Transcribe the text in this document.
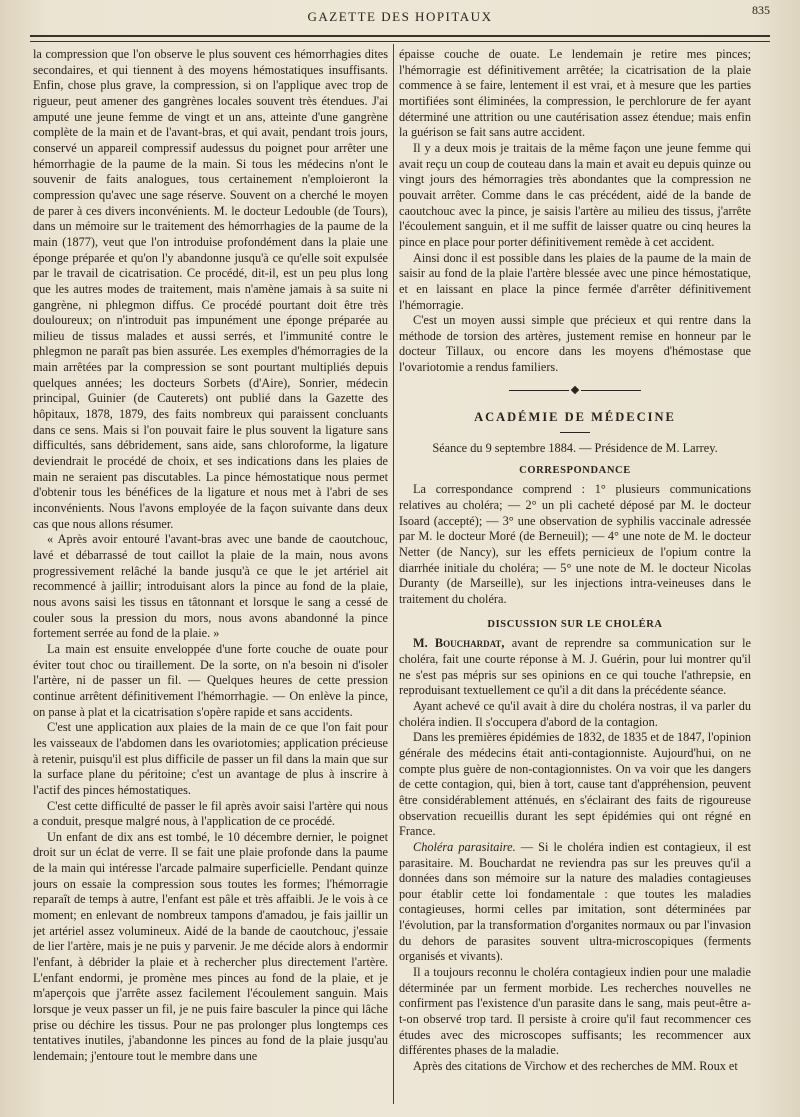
GAZETTE DES HOPITAUX	835

la compression que l'on observe le plus souvent ces hémorrhagies dites secondaires, et qui tiennent à des moyens hémostatiques insuffisants. Enfin, chose plus grave, la compression, si on l'applique avec trop de rigueur, peut amener des gangrènes locales souvent très étendues. J'ai amputé une jeune femme de vingt et un ans, atteinte d'une gangrène complète de la main et de l'avant-bras, et qui avait, pendant trois jours, conservé un appareil compressif audessus du poignet pour arrêter une hémorrhagie de la paume de la main. Si tous les médecins n'ont le souvenir de faits analogues, tous certainement n'emploieront la compression qu'avec une sage réserve. Souvent on a cherché le moyen de parer à ces divers inconvénients. M. le docteur Ledouble (de Tours), dans un mémoire sur le traitement des hémorrhagies de la paume de la main (1877), veut que l'on introduise profondément dans la plaie une éponge préparée et qu'on l'y abandonne jusqu'à ce qu'elle soit expulsée par le travail de cicatrisation. Ce procédé, dit-il, est un peu plus long que les autres modes de traitement, mais n'amène jamais à sa suite ni gangrène, ni phlegmon diffus. Ce procédé pourtant doit être très douloureux; on n'introduit pas impunément une éponge préparée au milieu de tissus malades et aussi serrés, et l'immunité contre le phlegmon ne paraît pas bien assurée. Les exemples d'hémorragies de la main arrêtées par la compression se sont pourtant multipliés depuis quelques années; les docteurs Sorbets (d'Aire), Sonrier, médecin principal, Guinier (de Cauterets) ont publié dans la Gazette des hôpitaux, 1878, 1879, des faits nombreux qui paraissent concluants dans ce sens. Mais si l'on pouvait faire le plus souvent la ligature sans difficultés, sans débridement, sans aide, sans chloroforme, la ligature deviendrait le procédé de choix, et ses indications dans les plaies de main ne seraient pas discutables. La pince hémostatique nous permet d'obtenir tous les bénéfices de la ligature et nous met à l'abri de ses inconvénients. Nous l'avons employée de la façon suivante dans deux cas que nous allons résumer.

« Après avoir entouré l'avant-bras avec une bande de caoutchouc, lavé et débarrassé de tout caillot la plaie de la main, nous avons progressivement relâché la bande jusqu'à ce que le jet artériel ait recommencé à jaillir; introduisant alors la pince au fond de la plaie, nous avons saisi les tissus en tâtonnant et lorsque le sang a cessé de couler sous la pression du mors, nous avons abandonné la pince fortement serrée au fond de la plaie. »

La main est ensuite enveloppée d'une forte couche de ouate pour éviter tout choc ou tiraillement. De la sorte, on n'a besoin ni d'isoler l'artère, ni de passer un fil. — Quelques heures de cette pression continue arrêtent définitivement l'hémorrhagie. — On enlève la pince, on panse à plat et la cicatrisation s'opère rapide et sans accidents.

C'est une application aux plaies de la main de ce que l'on fait pour les vaisseaux de l'abdomen dans les ovariotomies; application précieuse à retenir, puisqu'il est plus difficile de passer un fil dans la main que sur la surface plane du péritoine; c'est un avantage de plus à inscrire à l'actif des pinces hémostatiques.

C'est cette difficulté de passer le fil après avoir saisi l'artère qui nous a conduit, presque malgré nous, à l'application de ce procédé.

Un enfant de dix ans est tombé, le 10 décembre dernier, le poignet droit sur un éclat de verre. Il se fait une plaie profonde dans la paume de la main qui intéresse l'arcade palmaire superficielle. Pendant quinze jours on essaie la compression sous toutes les formes; l'hémorragie reparaît de temps à autre, l'enfant est pâle et très affaibli. Je le vois à ce moment; en enlevant de nombreux tampons d'amadou, je fais jaillir un jet artériel assez volumineux. Aidé de la bande de caoutchouc, j'essaie de lier l'artère, mais je ne puis y parvenir. Je me décide alors à endormir l'enfant, à débrider la plaie et à rechercher plus directement l'artère. L'enfant endormi, je promène mes pinces au fond de la plaie, et je m'aperçois que j'arrête assez facilement l'écoulement sanguin. Mais lorsque je veux passer un fil, je ne puis faire basculer la pince qui lâche prise ou déchire les tissus. Pour ne pas prolonger plus longtemps ces tentatives inutiles, j'abandonne les pinces au fond de la plaie jusqu'au lendemain; j'entoure tout le membre dans une

épaisse couche de ouate. Le lendemain je retire mes pinces; l'hémorragie est définitivement arrêtée; la cicatrisation de la plaie commence à se faire, lentement il est vrai, et à mesure que les parties mortifiées sont éliminées, la compression, le perchlorure de fer ayant déterminé une attrition ou une cautérisation assez étendue; mais enfin la guérison se fait sans autre accident.

Il y a deux mois je traitais de la même façon une jeune femme qui avait reçu un coup de couteau dans la main et avait eu depuis quinze ou vingt jours des hémorragies très abondantes que la compression ne pouvait arrêter. Comme dans le cas précédent, aidé de la bande de caoutchouc avec la pince, je saisis l'artère au milieu des tissus, j'arrête l'écoulement sanguin, et il me suffit de laisser quatre ou cinq heures la pince en place pour porter définitivement remède à cet accident.

Ainsi donc il est possible dans les plaies de la paume de la main de saisir au fond de la plaie l'artère blessée avec une pince hémostatique, et en laissant en place la pince fermée d'arrêter définitivement l'hémorragie.

C'est un moyen aussi simple que précieux et qui rentre dans la méthode de torsion des artères, justement remise en honneur par le docteur Tillaux, ou encore dans les moyens d'hémostase que l'ovariotomie a rendus familiers.

ACADÉMIE DE MÉDECINE

Séance du 9 septembre 1884. — Présidence de M. Larrey.

CORRESPONDANCE

La correspondance comprend : 1° plusieurs communications relatives au choléra; — 2° un pli cacheté déposé par M. le docteur Isoard (accepté); — 3° une observation de syphilis vaccinale adressée par M. le docteur Moré (de Berneuil); — 4° une note de M. le docteur Netter (de Nancy), sur les effets pernicieux de l'opium contre la diarrhée initiale du choléra; — 5° une note de M. le docteur Nicolas Duranty (de Marseille), sur les injections intra-veineuses dans le traitement du choléra.

DISCUSSION SUR LE CHOLÉRA

M. Bouchardat, avant de reprendre sa communication sur le choléra, fait une courte réponse à M. J. Guérin, pour lui montrer qu'il ne s'est pas mépris sur ses opinions en ce qui touche l'athrepsie, en reproduisant textuellement ce qu'il a dit dans la précédente séance.

Ayant achevé ce qu'il avait à dire du choléra nostras, il va parler du choléra indien. Il s'occupera d'abord de la contagion.

Dans les premières épidémies de 1832, de 1835 et de 1847, l'opinion générale des médecins était anti-contagionniste. Aujourd'hui, on ne compte plus guère de non-contagionnistes. On va voir que les dangers de cette contagion, qui, bien à tort, cause tant d'appréhension, peuvent être considérablement atténués, en s'éclairant des faits de rigoureuse observation recueillis durant les sept épidémies qui ont régné en France.

Choléra parasitaire. — Si le choléra indien est contagieux, il est parasitaire. M. Bouchardat ne reviendra pas sur les preuves qu'il a données dans son mémoire sur la nature des maladies contagieuses pour établir cette loi fondamentale : que toutes les maladies contagieuses, hormi celles par imitation, sont déterminées par l'évolution, par la transformation d'organites normaux ou par l'invasion du dehors de parasites souvent ultra-microscopiques (ferments organisés et vivants).

Il a toujours reconnu le choléra contagieux indien pour une maladie déterminée par un ferment morbide. Les recherches nouvelles ne confirment pas l'existence d'un parasite dans le sang, mais peut-être a-t-on observé trop tard. Il persiste à croire qu'il faut recommencer ces études avec des microscopes suffisants; les recommencer aux différentes phases de la maladie.

Après des citations de Virchow et des recherches de MM. Roux et
